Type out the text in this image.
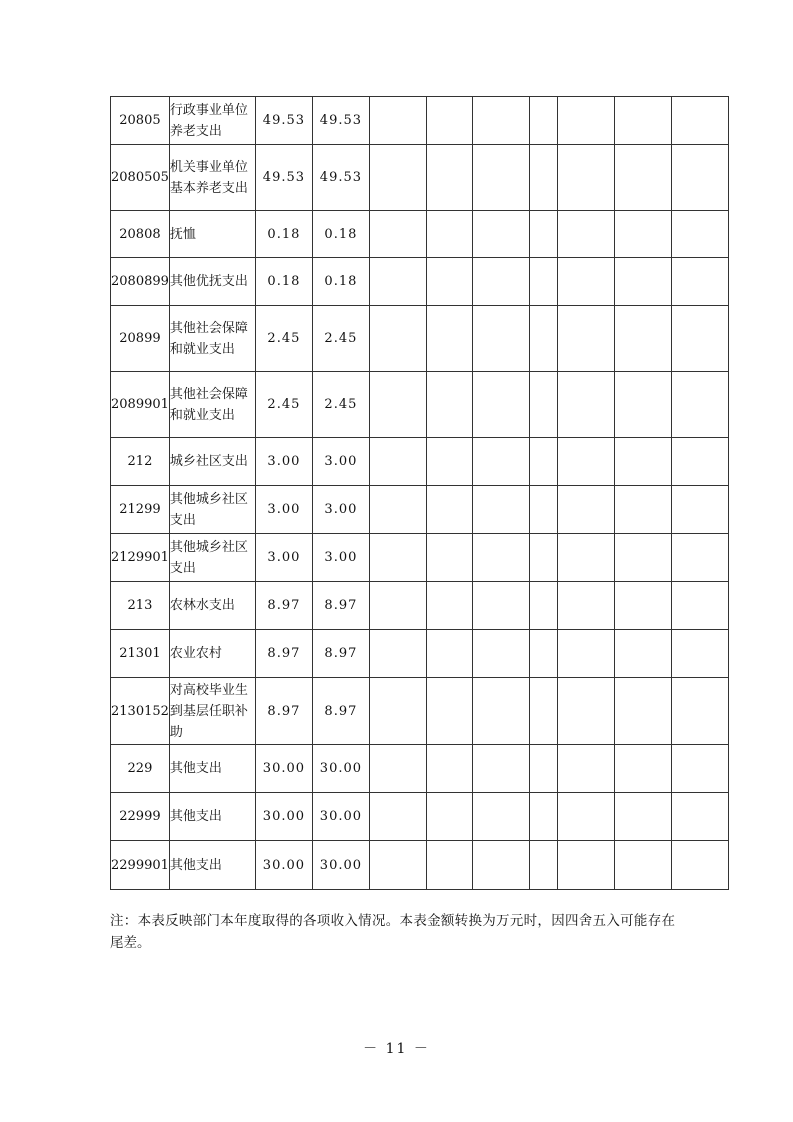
20805	行政事业单位养老支出	49.53	49.53							
2080505	机关事业单位基本养老支出	49.53	49.53							
20808	抚恤	0.18	0.18							
2080899	其他优抚支出	0.18	0.18							
20899	其他社会保障和就业支出	2.45	2.45							
2089901	其他社会保障和就业支出	2.45	2.45							
212	城乡社区支出	3.00	3.00							
21299	其他城乡社区支出	3.00	3.00							
2129901	其他城乡社区支出	3.00	3.00							
213	农林水支出	8.97	8.97							
21301	农业农村	8.97	8.97							
2130152	对高校毕业生到基层任职补助	8.97	8.97							
229	其他支出	30.00	30.00							
22999	其他支出	30.00	30.00							
2299901	其他支出	30.00	30.00							
注：本表反映部门本年度取得的各项收入情况。本表金额转换为万元时，因四舍五入可能存在尾差。
－ 11 －
